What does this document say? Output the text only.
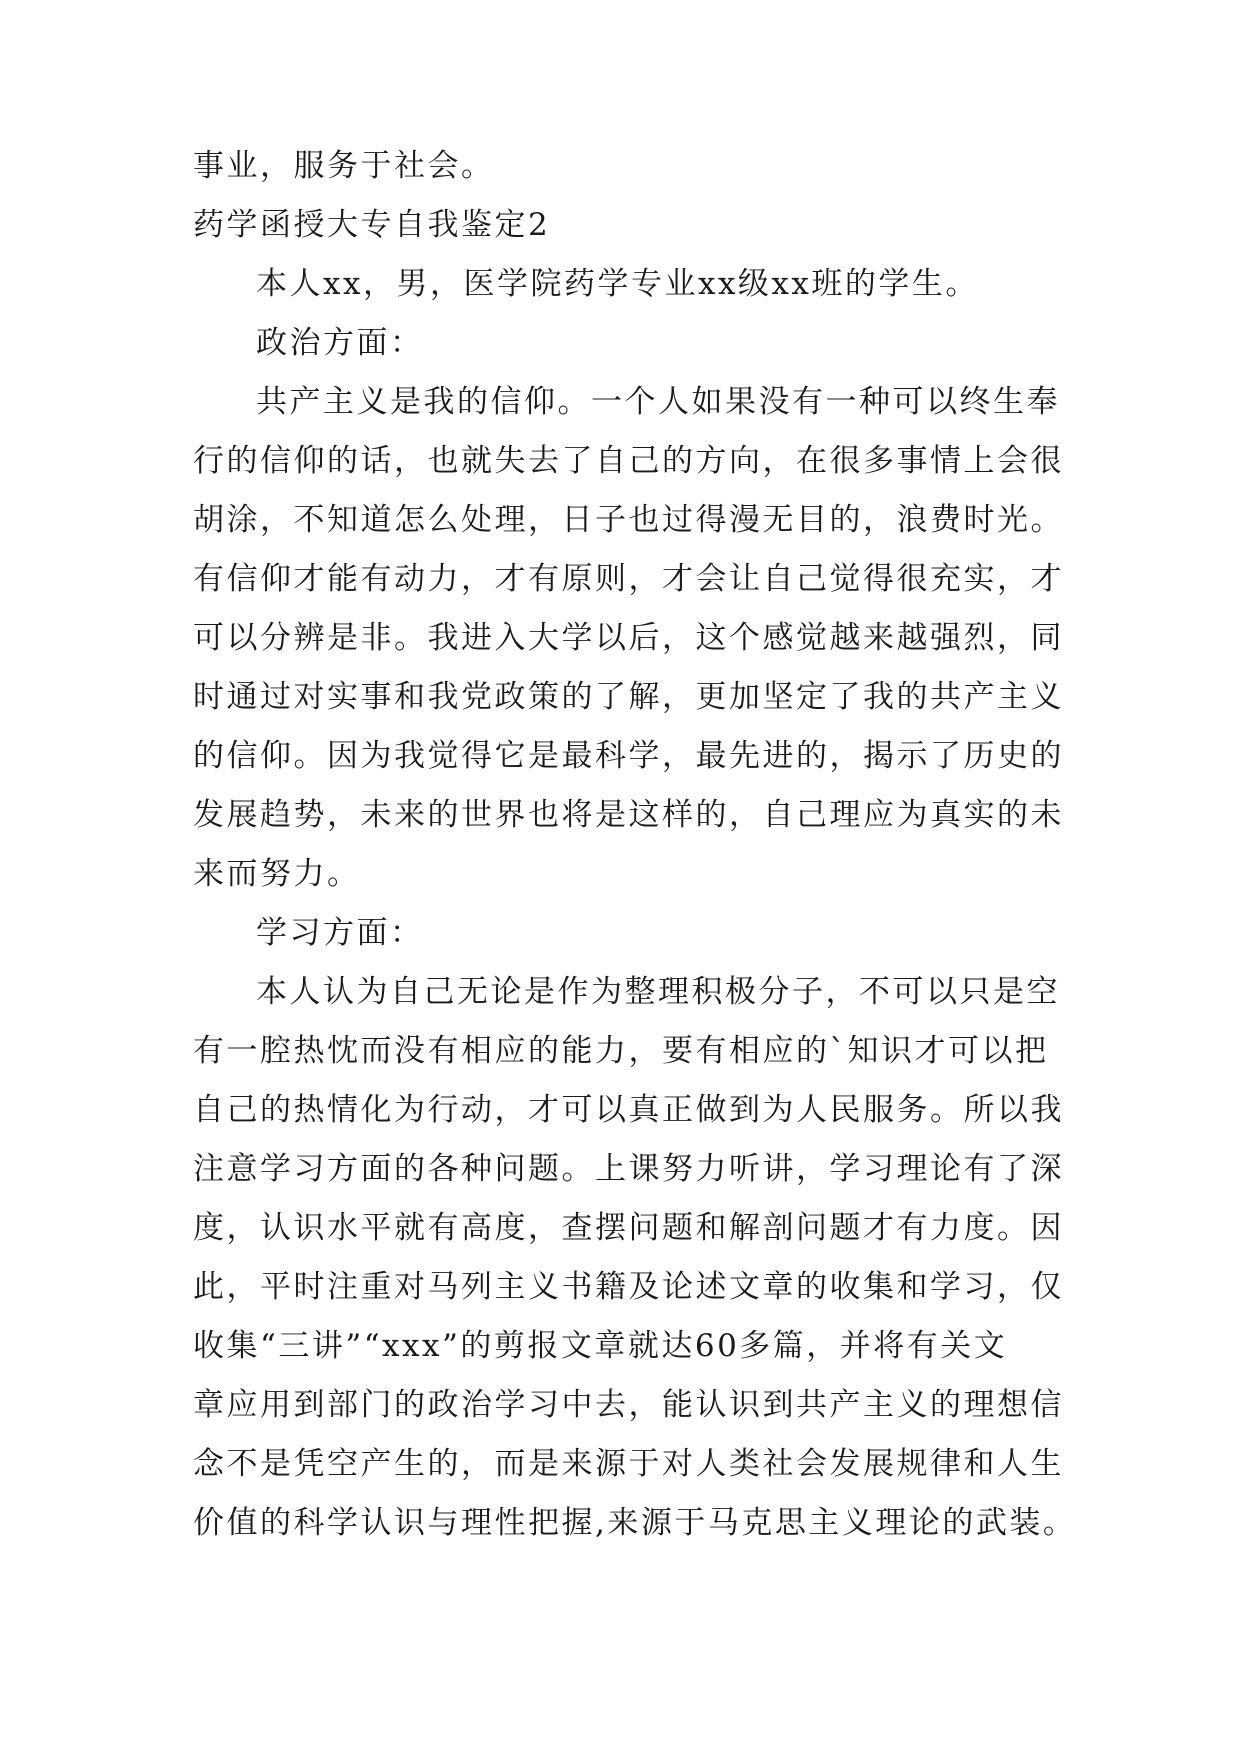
事业，服务于社会。
药学函授大专自我鉴定2
本人xx，男，医学院药学专业xx级xx班的学生。
政治方面：
共产主义是我的信仰。一个人如果没有一种可以终生奉
行的信仰的话，也就失去了自己的方向，在很多事情上会很
胡涂，不知道怎么处理，日子也过得漫无目的，浪费时光。
有信仰才能有动力，才有原则，才会让自己觉得很充实，才
可以分辨是非。我进入大学以后，这个感觉越来越强烈，同
时通过对实事和我党政策的了解，更加坚定了我的共产主义
的信仰。因为我觉得它是最科学，最先进的，揭示了历史的
发展趋势，未来的世界也将是这样的，自己理应为真实的未
来而努力。
学习方面：
本人认为自己无论是作为整理积极分子，不可以只是空
有一腔热忱而没有相应的能力，要有相应的`知识才可以把
自己的热情化为行动，才可以真正做到为人民服务。所以我
注意学习方面的各种问题。上课努力听讲，学习理论有了深
度，认识水平就有高度，查摆问题和解剖问题才有力度。因
此，平时注重对马列主义书籍及论述文章的收集和学习，仅
收集“三讲”“xxx”的剪报文章就达60多篇，并将有关文
章应用到部门的政治学习中去，能认识到共产主义的理想信
念不是凭空产生的，而是来源于对人类社会发展规律和人生
价值的科学认识与理性把握,来源于马克思主义理论的武装。
